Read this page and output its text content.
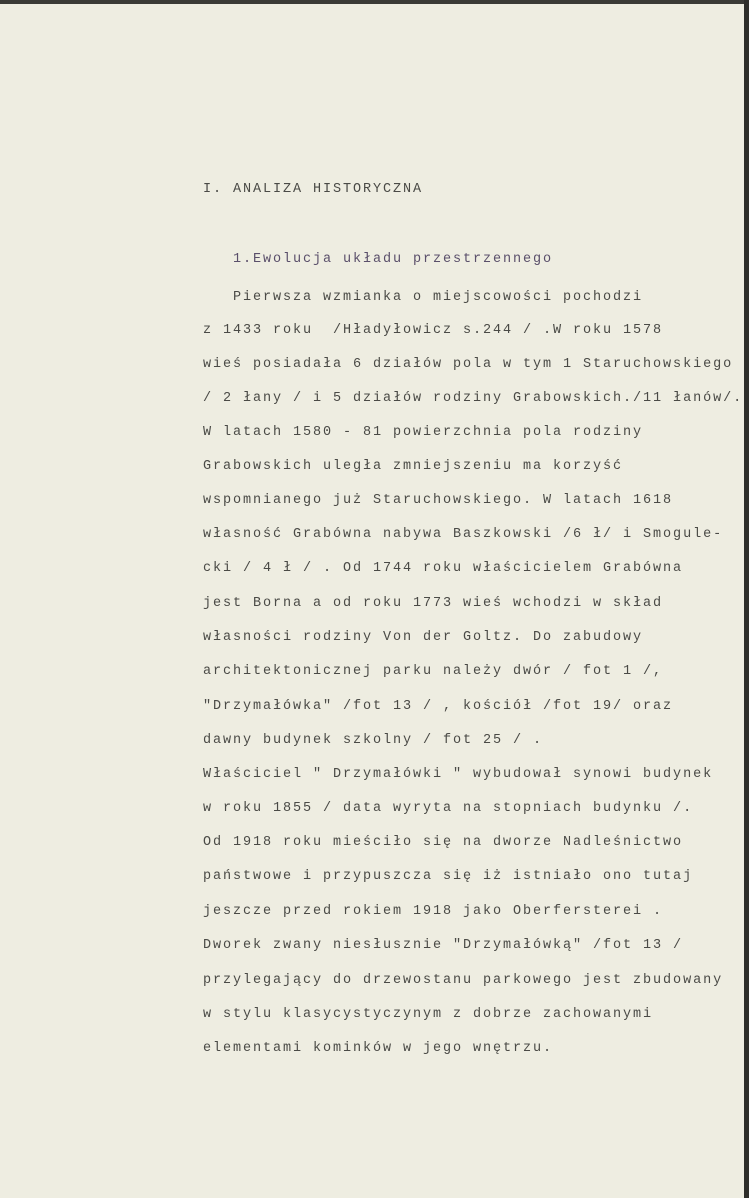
I. ANALIZA HISTORYCZNA
1.Ewolucja układu przestrzennego
Pierwsza wzmianka o miejscowości pochodzi
z 1433 roku  /Hładyłowicz s.244 / .W roku 1578
wieś posiadała 6 działów pola w tym 1 Staruchowskiego
/ 2 łany / i 5 działów rodziny Grabowskich./11 łanów/.
W latach 1580 - 81 powierzchnia pola rodziny
Grabowskich uległa zmniejszeniu ma korzyść
wspomnianego już Staruchowskiego. W latach 1618
własność Grabówna nabywa Baszkowski /6 ł/ i Smogule-
cki / 4 ł / . Od 1744 roku właścicielem Grabówna
jest Borna a od roku 1773 wieś wchodzi w skład
własności rodziny Von der Goltz. Do zabudowy
architektonicznej parku należy dwór / fot 1 /,
"Drzymałówka" /fot 13 / , kościół /fot 19/ oraz
dawny budynek szkolny / fot 25 / .
Właściciel " Drzymałówki " wybudował synowi budynek
w roku 1855 / data wyryta na stopniach budynku /.
Od 1918 roku mieściło się na dworze Nadleśnictwo
państwowe i przypuszcza się iż istniało ono tutaj
jeszcze przed rokiem 1918 jako Oberfersterei .
Dworek zwany niesłusznie "Drzymałówką" /fot 13 /
przylegający do drzewostanu parkowego jest zbudowany
w stylu klasycystyczynym z dobrze zachowanymi
elementami kominków w jego wnętrzu.
